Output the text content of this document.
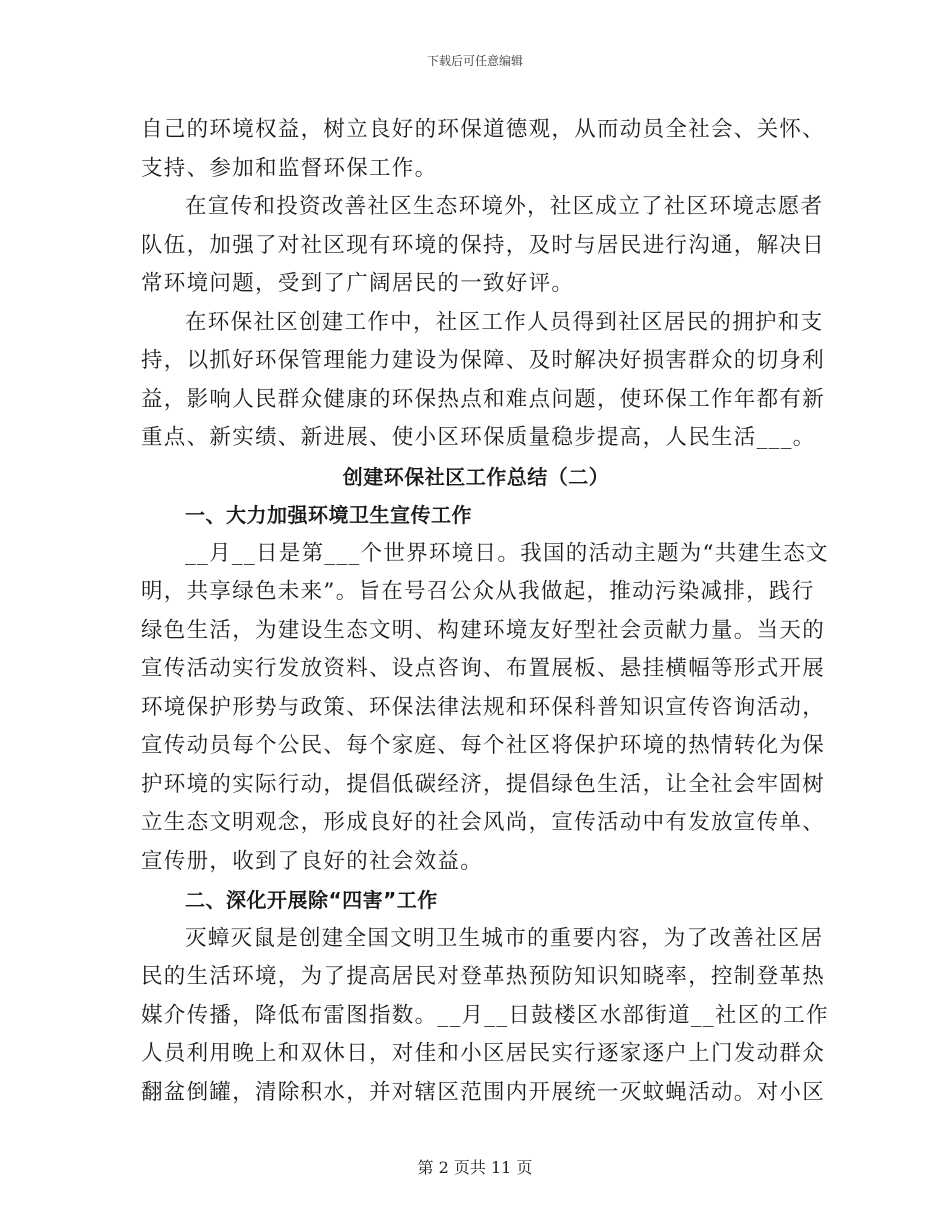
下载后可任意编辑
自己的环境权益，树立良好的环保道德观，从而动员全社会、关怀、
支持、参加和监督环保工作。
在宣传和投资改善社区生态环境外，社区成立了社区环境志愿者
队伍，加强了对社区现有环境的保持，及时与居民进行沟通，解决日
常环境问题，受到了广阔居民的一致好评。
在环保社区创建工作中，社区工作人员得到社区居民的拥护和支
持，以抓好环保管理能力建设为保障、及时解决好损害群众的切身利
益，影响人民群众健康的环保热点和难点问题，使环保工作年都有新
重点、新实绩、新进展、使小区环保质量稳步提高，人民生活___。
创建环保社区工作总结（二）
一、大力加强环境卫生宣传工作
__月__日是第___个世界环境日。我国的活动主题为“共建生态文
明，共享绿色未来”。旨在号召公众从我做起，推动污染减排，践行
绿色生活，为建设生态文明、构建环境友好型社会贡献力量。当天的
宣传活动实行发放资料、设点咨询、布置展板、悬挂横幅等形式开展
环境保护形势与政策、环保法律法规和环保科普知识宣传咨询活动，
宣传动员每个公民、每个家庭、每个社区将保护环境的热情转化为保
护环境的实际行动，提倡低碳经济，提倡绿色生活，让全社会牢固树
立生态文明观念，形成良好的社会风尚，宣传活动中有发放宣传单、
宣传册，收到了良好的社会效益。
二、深化开展除“四害”工作
灭蟑灭鼠是创建全国文明卫生城市的重要内容，为了改善社区居
民的生活环境，为了提高居民对登革热预防知识知晓率，控制登革热
媒介传播，降低布雷图指数。__月__日鼓楼区水部街道__社区的工作
人员利用晚上和双休日，对佳和小区居民实行逐家逐户上门发动群众
翻盆倒罐，清除积水，并对辖区范围内开展统一灭蚊蝇活动。对小区
第 2 页共 11 页
